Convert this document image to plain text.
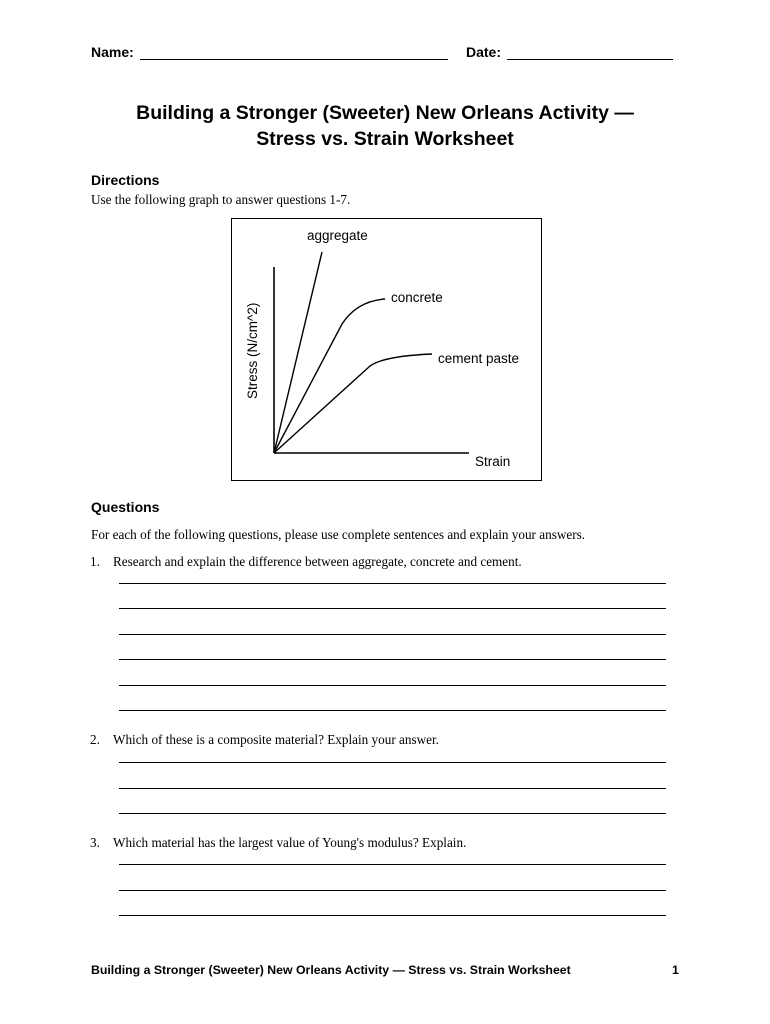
Name:	Date:
Building a Stronger (Sweeter) New Orleans Activity —
Stress vs. Strain Worksheet
Directions
Use the following graph to answer questions 1-7.
aggregate
concrete
cement paste
Strain
Stress (N/cm^2)
Questions
For each of the following questions, please use complete sentences and explain your answers.
1. Research and explain the difference between aggregate, concrete and cement.
2. Which of these is a composite material? Explain your answer.
3. Which material has the largest value of Young's modulus? Explain.
Building a Stronger (Sweeter) New Orleans Activity — Stress vs. Strain Worksheet	1
